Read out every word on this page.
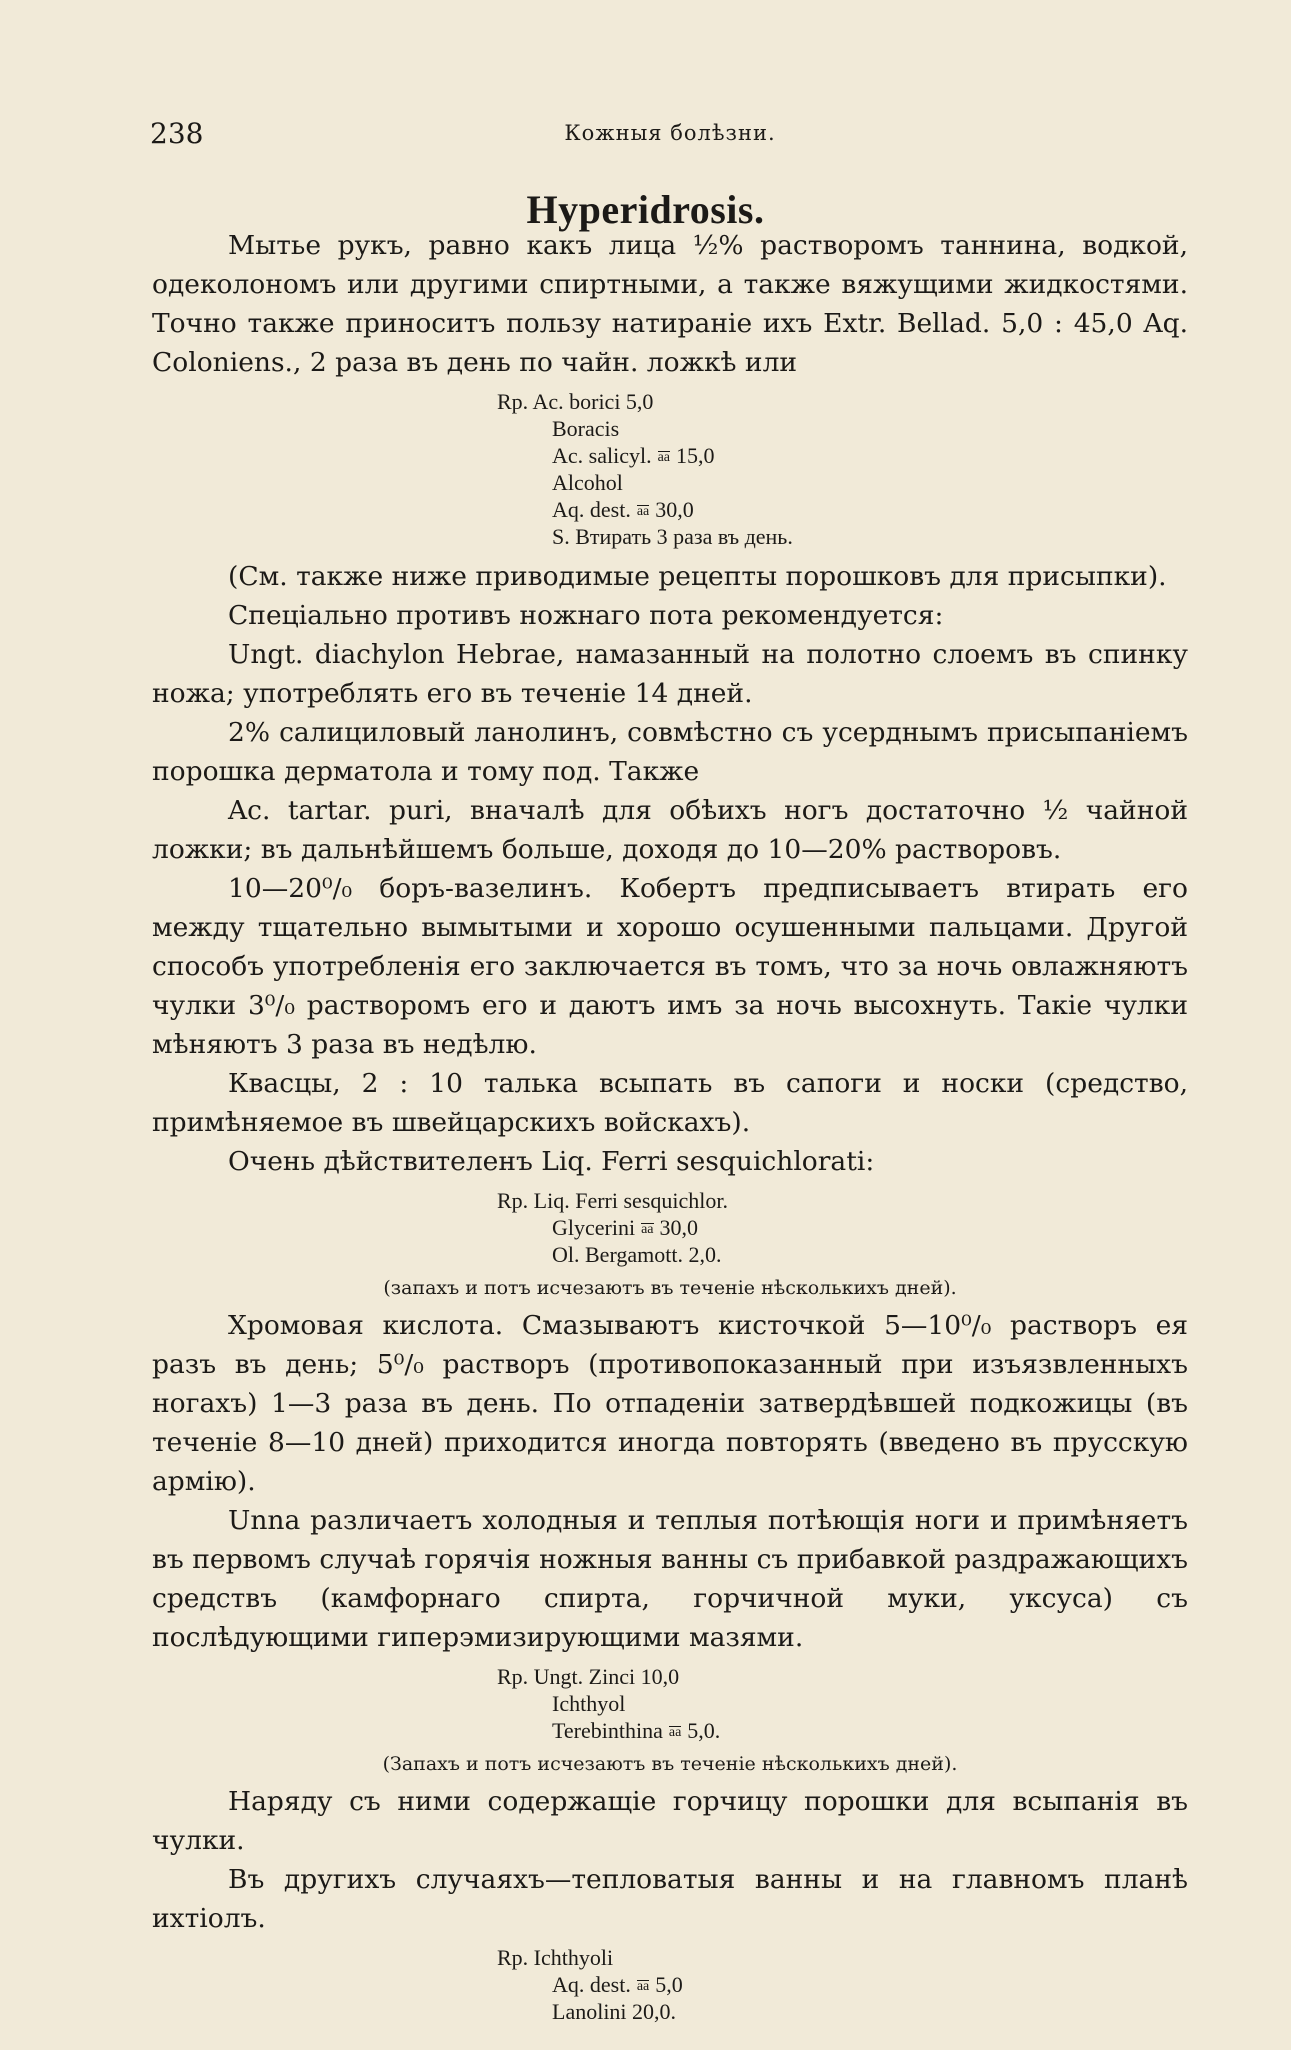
238	Кожныя болѣзни.
Hyperidrosis.

Мытье рукъ, равно какъ лица ½% растворомъ таннина, водкой, одеколономъ или другими спиртными, а также вяжущими жидкостями. Точно также приноситъ пользу натираніе ихъ Extr. Bellad. 5,0 : 45,0 Aq. Coloniens., 2 раза въ день по чайн. ложкѣ или

Rp. Ac. borici 5,0
Boracis
Ac. salicyl. aa 15,0
Alcohol
Aq. dest. aa 30,0
S. Втирать 3 раза въ день.

(См. также ниже приводимые рецепты порошковъ для присыпки).

Спеціально противъ ножнаго пота рекомендуется:

Ungt. diachylon Hebrae, намазанный на полотно слоемъ въ спинку ножа; употреблять его въ теченіе 14 дней.

2% салициловый ланолинъ, совмѣстно съ усерднымъ присыпаніемъ порошка дерматола и тому под. Также

Ac. tartar. puri, вначалѣ для обѣихъ ногъ достаточно ½ чайной ложки; въ дальнѣйшемъ больше, доходя до 10—20% растворовъ.

10—20⁰/₀ боръ-вазелинъ. Кобертъ предписываетъ втирать его между тщательно вымытыми и хорошо осушенными пальцами. Другой способъ употребленія его заключается въ томъ, что за ночь овлажняютъ чулки 3⁰/₀ растворомъ его и даютъ имъ за ночь высохнуть. Такіе чулки мѣняютъ 3 раза въ недѣлю.

Квасцы, 2 : 10 талька всыпать въ сапоги и носки (средство, примѣняемое въ швейцарскихъ войскахъ).

Очень дѣйствителенъ Liq. Ferri sesquichlorati:

Rp. Liq. Ferri sesquichlor.
Glycerini aa 30,0
Ol. Bergamott. 2,0.
(запахъ и потъ исчезаютъ въ теченіе нѣсколькихъ дней).

Хромовая кислота. Смазываютъ кисточкой 5—10⁰/₀ растворъ ея разъ въ день; 5⁰/₀ растворъ (противопоказанный при изъязвленныхъ ногахъ) 1—3 раза въ день. По отпаденіи затвердѣвшей подкожицы (въ теченіе 8—10 дней) приходится иногда повторять (введено въ прусскую армію).

Unna различаетъ холодныя и теплыя потѣющія ноги и примѣняетъ въ первомъ случаѣ горячія ножныя ванны съ прибавкой раздражающихъ средствъ (камфорнаго спирта, горчичной муки, уксуса) съ послѣдующими гиперэмизирующими мазями.

Rp. Ungt. Zinci 10,0
Ichthyol
Terebinthina aa 5,0.
(Запахъ и потъ исчезаютъ въ теченіе нѣсколькихъ дней).

Наряду съ ними содержащіе горчицу порошки для всыпанія въ чулки.

Въ другихъ случаяхъ—тепловатыя ванны и на главномъ планѣ ихтіолъ.

Rp. Ichthyoli
Aq. dest. aa 5,0
Lanolini 20,0.
